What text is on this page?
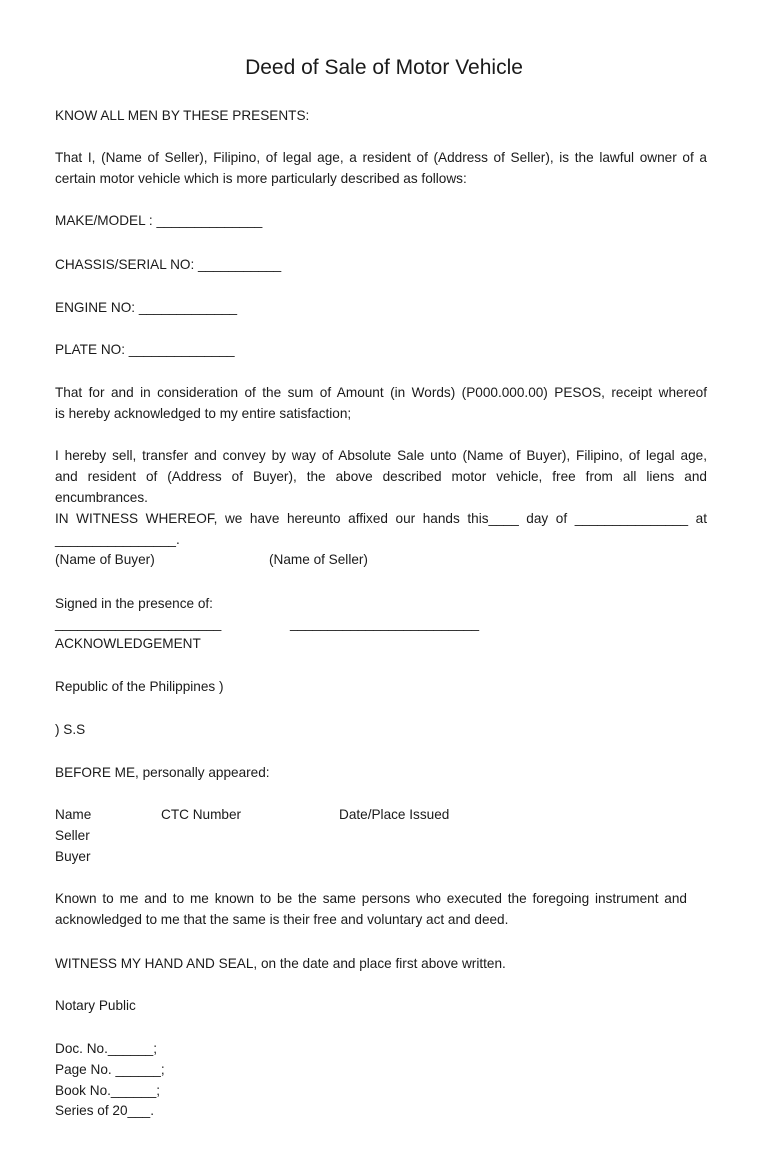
Deed of Sale of Motor Vehicle
KNOW ALL MEN BY THESE PRESENTS:
That I, (Name of Seller), Filipino, of legal age, a resident of (Address of Seller), is the lawful owner of a
certain motor vehicle which is more particularly described as follows:
MAKE/MODEL : ______________
CHASSIS/SERIAL NO: ___________
ENGINE NO: _____________
PLATE NO: ______________
That for and in consideration of the sum of Amount (in Words) (P000.000.00) PESOS, receipt whereof
is hereby acknowledged to my entire satisfaction;
I hereby sell, transfer and convey by way of Absolute Sale unto (Name of Buyer), Filipino, of legal age,
and resident of (Address of Buyer), the above described motor vehicle, free from all liens and
encumbrances.
IN WITNESS WHEREOF, we have hereunto affixed our hands this____ day of _______________ at
________________.
(Name of Buyer)	(Name of Seller)
Signed in the presence of:
______________________	_________________________
ACKNOWLEDGEMENT
Republic of the Philippines )
) S.S
BEFORE ME, personally appeared:
Name	CTC Number	Date/Place Issued
Seller
Buyer
Known to me and to me known to be the same persons who executed the foregoing instrument and
acknowledged to me that the same is their free and voluntary act and deed.
WITNESS MY HAND AND SEAL, on the date and place first above written.
Notary Public
Doc. No.______;
Page No. ______;
Book No.______;
Series of 20___.
